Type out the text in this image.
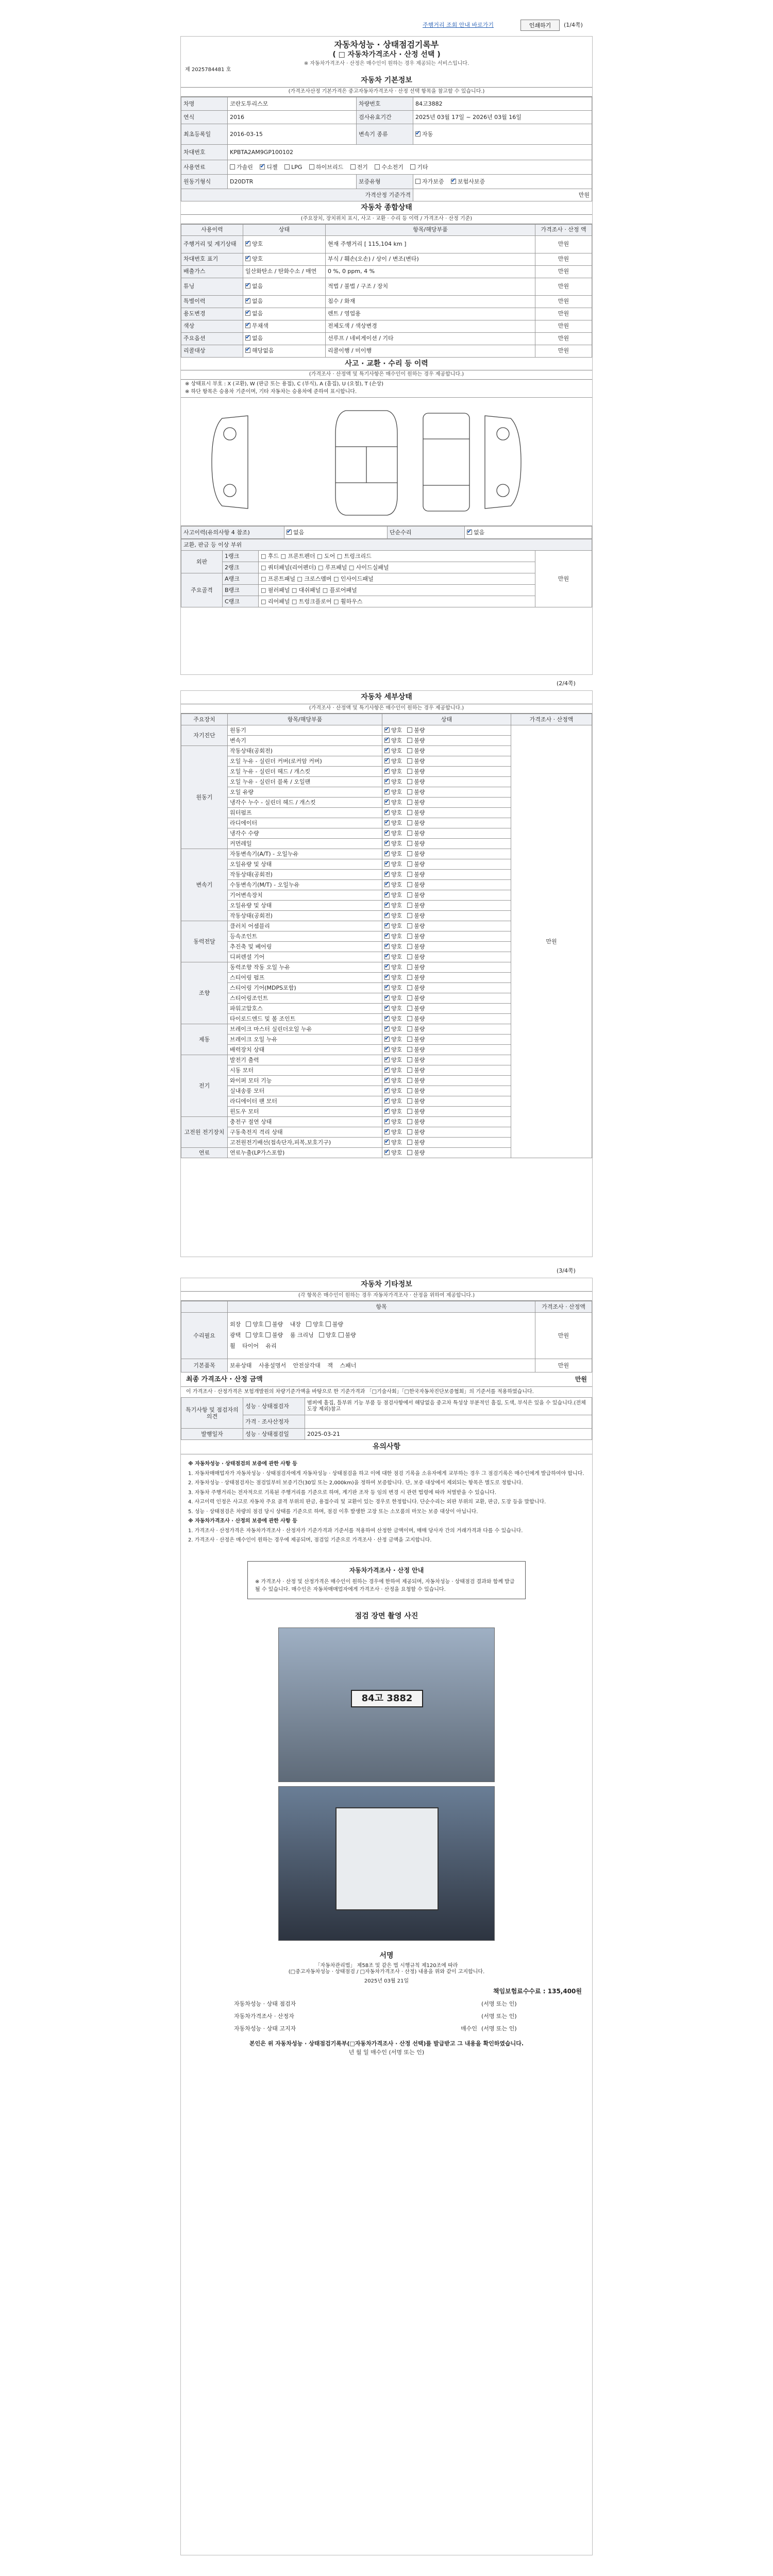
주행거리 조회 안내 바로가기	인쇄하기	(1/4쪽)
자동차성능 · 상태점검기록부
( □ 자동차가격조사 · 산정 선택 )
※ 자동차가격조사 · 산정은 매수인이 원하는 경우 제공되는 서비스입니다.
제 2025784481 호
자동차 기본정보
(가격조사산정 기본가격은 중고자동차가격조사 · 산정 선택 항목을 참고할 수 있습니다.)
차명	코란도투리스모	차량번호	84고3882
연식	2016	검사유효기간	2025년 03월 17일 ~ 2026년 03월 16일
최초등록일	2016-03-15	변속기 종류	✔자동
차대번호	KPBTA2AM9GP100102		
사용연료	가솔린 ✔ 디젤 LPG 하이브리드 전기 수소전기 기타
원동기형식	D20DTR	보증유형	자가보증 ✔ 보험사보증
가격산정 기준가격			만원
자동차 종합상태
(주요장치, 장치위치 표시, 사고 · 교환 · 수리 등 이력 / 가격조사 · 산정 기준)
사용이력	상태	항목/해당부품	가격조사 · 산정 액
주행거리 및 계기상태	✔양호	현재 주행거리 [ 115,104 km ]	만원
차대번호 표기	✔양호	부식 / 훼손(오손) / 상이 / 변조(변타)	만원
배출가스	일산화탄소 / 탄화수소 / 매연	0 %, 0 ppm, 4 %	만원
튜닝	✔없음	적법 / 불법 / 구조 / 장치	만원
특별이력	✔없음	침수 / 화재	만원
용도변경	✔없음	렌트 / 영업용	만원
색상	✔무채색	전체도색 / 색상변경	만원
주요옵션	✔없음	선루프 / 네비게이션 / 기타	만원
리콜대상	✔해당없음	리콜이행 / 미이행	만원
사고 · 교환 · 수리 등 이력
(가격조사 · 산정액 및 특기사항은 매수인이 원하는 경우 제공합니다.)
※ 상태표시 부호 : X (교환), W (판금 또는 용접), C (부식), A (흠집), U (요철), T (손상)
※ 하단 항목은 승용차 기준이며, 기타 자동차는 승용차에 준하여 표시합니다.
사고이력(유의사항 4 참조)	✔없음	단순수리	✔없음
교환, 판금 등 이상 부위			
외판	1랭크	□ 후드 □ 프론트펜더 □ 도어 □ 트렁크리드	만원
	2랭크	□ 쿼터패널(리어펜더) □ 루프패널 □ 사이드실패널	
주요골격	A랭크	□ 프론트패널 □ 크로스멤버 □ 인사이드패널	
	B랭크	□ 필러패널 □ 대쉬패널 □ 플로어패널	
	C랭크	□ 리어패널 □ 트렁크플로어 □ 휠하우스	
(2/4쪽)
자동차 세부상태
(가격조사 · 산정액 및 특기사항은 매수인이 원하는 경우 제공합니다.)
주요장치	항목/해당부품	상태	가격조사 · 산정액
자기진단	원동기	✔양호 불량	만원
	변속기	✔양호 불량
원동기	작동상태(공회전)	✔양호 불량
	오일 누유 - 실린더 커버(로커암 커버)	✔양호 불량
	오일 누유 - 실린더 헤드 / 개스킷	✔양호 불량
	오일 누유 - 실린더 블록 / 오일팬	✔양호 불량
	오일 유량	✔양호 불량
	냉각수 누수 - 실린더 헤드 / 개스킷	✔양호 불량
	워터펌프	✔양호 불량
	라디에이터	✔양호 불량
	냉각수 수량	✔양호 불량
	커먼레일	✔양호 불량
변속기	자동변속기(A/T) - 오일누유	✔양호 불량
	오일유량 및 상태	✔양호 불량
	작동상태(공회전)	✔양호 불량
	수동변속기(M/T) - 오일누유	✔양호 불량
	기어변속장치	✔양호 불량
	오일유량 및 상태	✔양호 불량
	작동상태(공회전)	✔양호 불량
동력전달	클러치 어셈블리	✔양호 불량
	등속조인트	✔양호 불량
	추진축 및 베어링	✔양호 불량
	디퍼렌셜 기어	✔양호 불량
조향	동력조향 작동 오일 누유	✔양호 불량
	스티어링 펌프	✔양호 불량
	스티어링 기어(MDPS포함)	✔양호 불량
	스티어링조인트	✔양호 불량
	파워고압호스	✔양호 불량
	타이로드엔드 및 볼 조인트	✔양호 불량
제동	브레이크 마스터 실린더오일 누유	✔양호 불량
	브레이크 오일 누유	✔양호 불량
	배력장치 상태	✔양호 불량
전기	발전기 출력	✔양호 불량
	시동 모터	✔양호 불량
	와이퍼 모터 기능	✔양호 불량
	실내송풍 모터	✔양호 불량
	라디에이터 팬 모터	✔양호 불량
	윈도우 모터	✔양호 불량
고전원 전기장치	충전구 절연 상태	✔양호 불량
	구동축전지 격리 상태	✔양호 불량
	고전원전기배선(접속단자,피복,보호기구)	✔양호 불량
연료	연료누출(LP가스포함)	✔양호 불량
(3/4쪽)
자동차 기타정보
(각 항목은 매수인이 원하는 경우 자동차가격조사 · 산정을 위하여 제공합니다.)
	항목	가격조사 · 산정액
수리필요	외장 양호 불량 내장 양호 불량
광택 양호 불량 룸 크리닝 양호 불량
휠 타이어 유리	만원
기본품목	보유상태 사용설명서 안전삼각대 잭 스패너	만원
최종 가격조사 · 산정 금액	만원
이 가격조사 · 산정가격은 보험개발원의 차량기준가액을 바탕으로 한 기준가격과 「□기술사회」「□한국자동차진단보증협회」의 기준서를 적용하였습니다.
특기사항 및 점검자의 의견	성능 · 상태점검자	범퍼에 흠집, 틀부위 기능 부품 등 점검사항에서 해당없음 중고차 특성상 부분적인 흠집, 도색, 부식은 있을 수 있습니다.(전체도장 제외)참고
	가격 · 조사산정자	
발행일자	성능 · 상태점검일	2025-03-21
유의사항
※ 자동차성능 · 상태점검의 보증에 관한 사항 등

1. 자동차매매업자가 자동차성능 · 상태점검자에게 자동차성능 · 상태점검을 하고 이에 대한 점검 기록을 소유자에게 교부하는 경우 그 점검기록은 매수인에게 발급하여야 합니다.

2. 자동차성능 · 상태점검자는 점검일부터 보증기간(30일 또는 2,000km)을 정하여 보증합니다. 단, 보증 대상에서 제외되는 항목은 별도로 정합니다.

3. 자동차 주행거리는 전자적으로 기록된 주행거리를 기준으로 하며, 계기판 조작 등 임의 변경 시 관련 법령에 따라 처벌받을 수 있습니다.

4. 사고이력 인정은 사고로 자동차 주요 골격 부위의 판금, 용접수리 및 교환이 있는 경우로 한정합니다. 단순수리는 외판 부위의 교환, 판금, 도장 등을 말합니다.

5. 성능 · 상태점검은 차량의 점검 당시 상태를 기준으로 하며, 점검 이후 발생한 고장 또는 소모품의 마모는 보증 대상이 아닙니다.

※ 자동차가격조사 · 산정의 보증에 관한 사항 등

1. 가격조사 · 산정가격은 자동차가격조사 · 산정자가 기준가격과 기준서를 적용하여 산정한 금액이며, 매매 당사자 간의 거래가격과 다를 수 있습니다.

2. 가격조사 · 산정은 매수인이 원하는 경우에 제공되며, 점검일 기준으로 가격조사 · 산정 금액을 고지합니다.

자동차가격조사 · 산정 안내
※ 가격조사 · 산정 및 산정가격은 매수인이 원하는 경우에 한하여 제공되며, 자동차성능 · 상태점검 결과와 함께 발급될 수 있습니다. 매수인은 자동차매매업자에게 가격조사 · 산정을 요청할 수 있습니다.
점검 장면 촬영 사진
84고 3882
서명
「자동차관리법」 제58조 및 같은 법 시행규칙 제120조에 따라
(□중고자동차성능 · 상태점검 / □자동차가격조사 · 산정) 내용을 위와 같이 고지합니다.
2025년 03월 21일
책임보험료수수료 : 135,400원
자동차성능 · 상태 점검자		(서명 또는 인)
자동차가격조사 · 산정자		(서명 또는 인)
자동차성능 · 상태 고지자	매수인	(서명 또는 인)
본인은 위 자동차성능 · 상태점검기록부(□자동차가격조사 · 산정 선택)를 발급받고 그 내용을 확인하였습니다.
년 월 일 매수인 (서명 또는 인)
